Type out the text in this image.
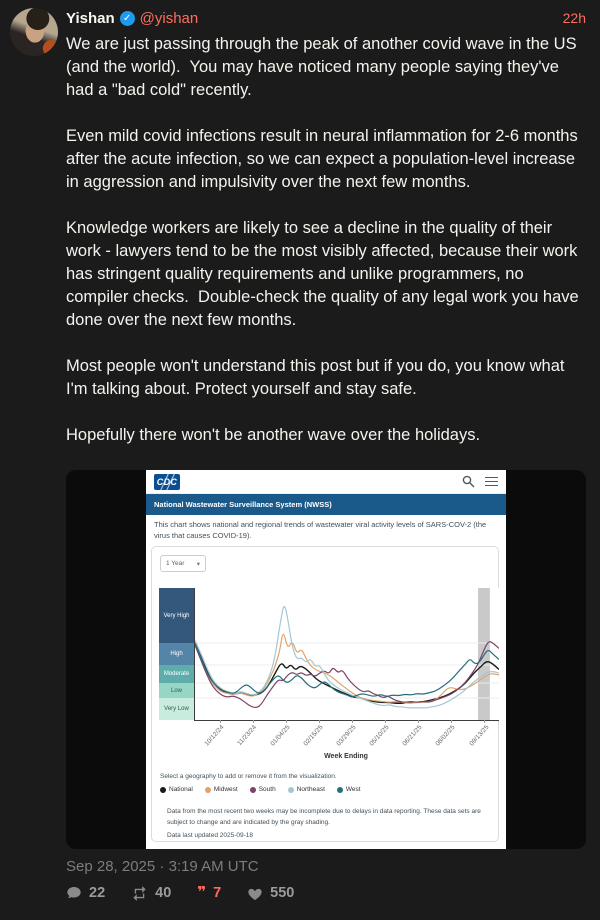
Yishan ✓ @yishan	22h

We are just passing through the peak of another covid wave in the US (and the world).  You may have noticed many people saying they've had a "bad cold" recently.

Even mild covid infections result in neural inflammation for 2-6 months after the acute infection, so we can expect a population-level increase in aggression and impulsivity over the next few months.

Knowledge workers are likely to see a decline in the quality of their work - lawyers tend to be the most visibly affected, because their work has stringent quality requirements and unlike programmers, no compiler checks.  Double-check the quality of any legal work you have done over the next few months.

Most people won't understand this post but if you do, you know what I'm talking about. Protect yourself and stay safe.

Hopefully there won't be another wave over the holidays.

CDC
National Wastewater Surveillance System (NWSS)
This chart shows national and regional trends of wastewater viral activity levels of SARS-COV-2 (the virus that causes COVID-19).
1 Year ▾
Very High
High
Moderate
Low
Very Low
10/12/24 11/23/24 01/04/25 02/15/25 03/29/25 05/10/25 06/21/25 08/02/25 09/13/25
Week Ending
Select a geography to add or remove it from the visualization.
National	Midwest	South	Northeast	West
Data from the most recent two weeks may be incomplete due to delays in data reporting. These data sets are subject to change and are indicated by the gray shading.
Data last updated 2025-09-18
Sep 28, 2025 · 3:19 AM UTC
22	40 ❞ 7	550
